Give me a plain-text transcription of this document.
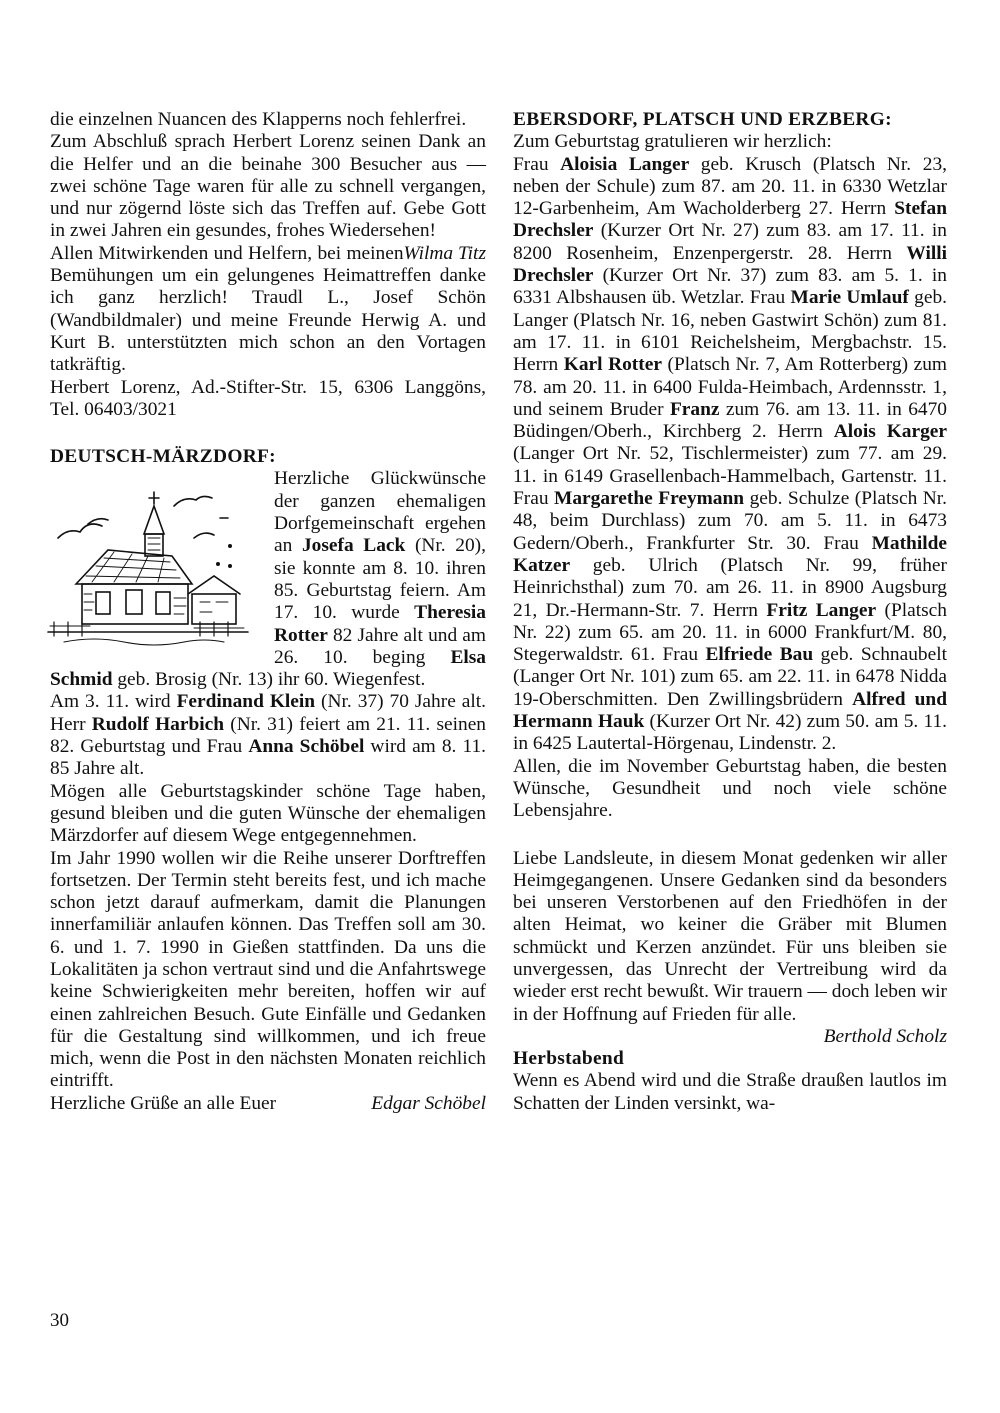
die einzelnen Nuancen des Klapperns noch fehlerfrei.

Zum Abschluß sprach Herbert Lorenz seinen Dank an die Helfer und an die beinahe 300 Besucher aus — zwei schöne Tage waren für alle zu schnell vergangen, und nur zögernd löste sich das Treffen auf. Gebe Gott in zwei Jahren ein gesundes, frohes Wiedersehen!
Wilma Titz

Allen Mitwirkenden und Helfern, bei meinen Bemühungen um ein gelungenes Heimattreffen danke ich ganz herzlich! Traudl L., Josef Schön (Wandbildmaler) und meine Freunde Herwig A. und Kurt B. unterstützten mich schon an den Vortagen tatkräftig.

Herbert Lorenz, Ad.-Stifter-Str. 15, 6306 Langgöns, Tel. 06403/3021

DEUTSCH-MÄRZDORF:

Herzliche Glückwünsche der ganzen ehemaligen Dorfgemeinschaft ergehen an Josefa Lack (Nr. 20), sie konnte am 8. 10. ihren 85. Geburtstag feiern. Am 17. 10. wurde Theresia Rotter 82 Jahre alt und am 26. 10. beging Elsa Schmid geb. Brosig (Nr. 13) ihr 60. Wiegenfest.

Am 3. 11. wird Ferdinand Klein (Nr. 37) 70 Jahre alt. Herr Rudolf Harbich (Nr. 31) feiert am 21. 11. seinen 82. Geburtstag und Frau Anna Schöbel wird am 8. 11. 85 Jahre alt.

Mögen alle Geburtstagskinder schöne Tage haben, gesund bleiben und die guten Wünsche der ehemaligen Märzdorfer auf diesem Wege entgegennehmen.

Im Jahr 1990 wollen wir die Reihe unserer Dorftreffen fortsetzen. Der Termin steht bereits fest, und ich mache schon jetzt darauf aufmerkam, damit die Planungen innerfamiliär anlaufen können. Das Treffen soll am 30. 6. und 1. 7. 1990 in Gießen stattfinden. Da uns die Lokalitäten ja schon vertraut sind und die Anfahrtswege keine Schwierigkeiten mehr bereiten, hoffen wir auf einen zahlreichen Besuch. Gute Einfälle und Gedanken für die Gestaltung sind willkommen, und ich freue mich, wenn die Post in den nächsten Monaten reichlich eintrifft.

Herzliche Grüße an alle Euer	Edgar Schöbel

EBERSDORF, PLATSCH UND ERZBERG:

Zum Geburtstag gratulieren wir herzlich:

Frau Aloisia Langer geb. Krusch (Platsch Nr. 23, neben der Schule) zum 87. am 20. 11. in 6330 Wetzlar 12-Garbenheim, Am Wacholderberg 27. Herrn Stefan Drechsler (Kurzer Ort Nr. 27) zum 83. am 17. 11. in 8200 Rosenheim, Enzenpergerstr. 28. Herrn Willi Drechsler (Kurzer Ort Nr. 37) zum 83. am 5. 1. in 6331 Albshausen üb. Wetzlar. Frau Marie Umlauf geb. Langer (Platsch Nr. 16, neben Gastwirt Schön) zum 81. am 17. 11. in 6101 Reichelsheim, Mergbachstr. 15. Herrn Karl Rotter (Platsch Nr. 7, Am Rotterberg) zum 78. am 20. 11. in 6400 Fulda-Heimbach, Ardennsstr. 1, und seinem Bruder Franz zum 76. am 13. 11. in 6470 Büdingen/Oberh., Kirchberg 2. Herrn Alois Karger (Langer Ort Nr. 52, Tischlermeister) zum 77. am 29. 11. in 6149 Grasellenbach-Hammelbach, Gartenstr. 11. Frau Margarethe Freymann geb. Schulze (Platsch Nr. 48, beim Durchlass) zum 70. am 5. 11. in 6473 Gedern/Oberh., Frankfurter Str. 30. Frau Mathilde Katzer geb. Ulrich (Platsch Nr. 99, früher Heinrichsthal) zum 70. am 26. 11. in 8900 Augsburg 21, Dr.-Hermann-Str. 7. Herrn Fritz Langer (Platsch Nr. 22) zum 65. am 20. 11. in 6000 Frankfurt/M. 80, Stegerwaldstr. 61. Frau Elfriede Bau geb. Schnaubelt (Langer Ort Nr. 101) zum 65. am 22. 11. in 6478 Nidda 19-Oberschmitten. Den Zwillingsbrüdern Alfred und Hermann Hauk (Kurzer Ort Nr. 42) zum 50. am 5. 11. in 6425 Lautertal-Hörgenau, Lindenstr. 2.

Allen, die im November Geburtstag haben, die besten Wünsche, Gesundheit und noch viele schöne Lebensjahre.

Liebe Landsleute, in diesem Monat gedenken wir aller Heimgegangenen. Unsere Gedanken sind da besonders bei unseren Verstorbenen auf den Friedhöfen in der alten Heimat, wo keiner die Gräber mit Blumen schmückt und Kerzen anzündet. Für uns bleiben sie unvergessen, das Unrecht der Vertreibung wird da wieder erst recht bewußt. Wir trauern — doch leben wir in der Hoffnung auf Frieden für alle.

Berthold Scholz

Herbstabend

Wenn es Abend wird und die Straße draußen lautlos im Schatten der Linden versinkt, wa-

30
